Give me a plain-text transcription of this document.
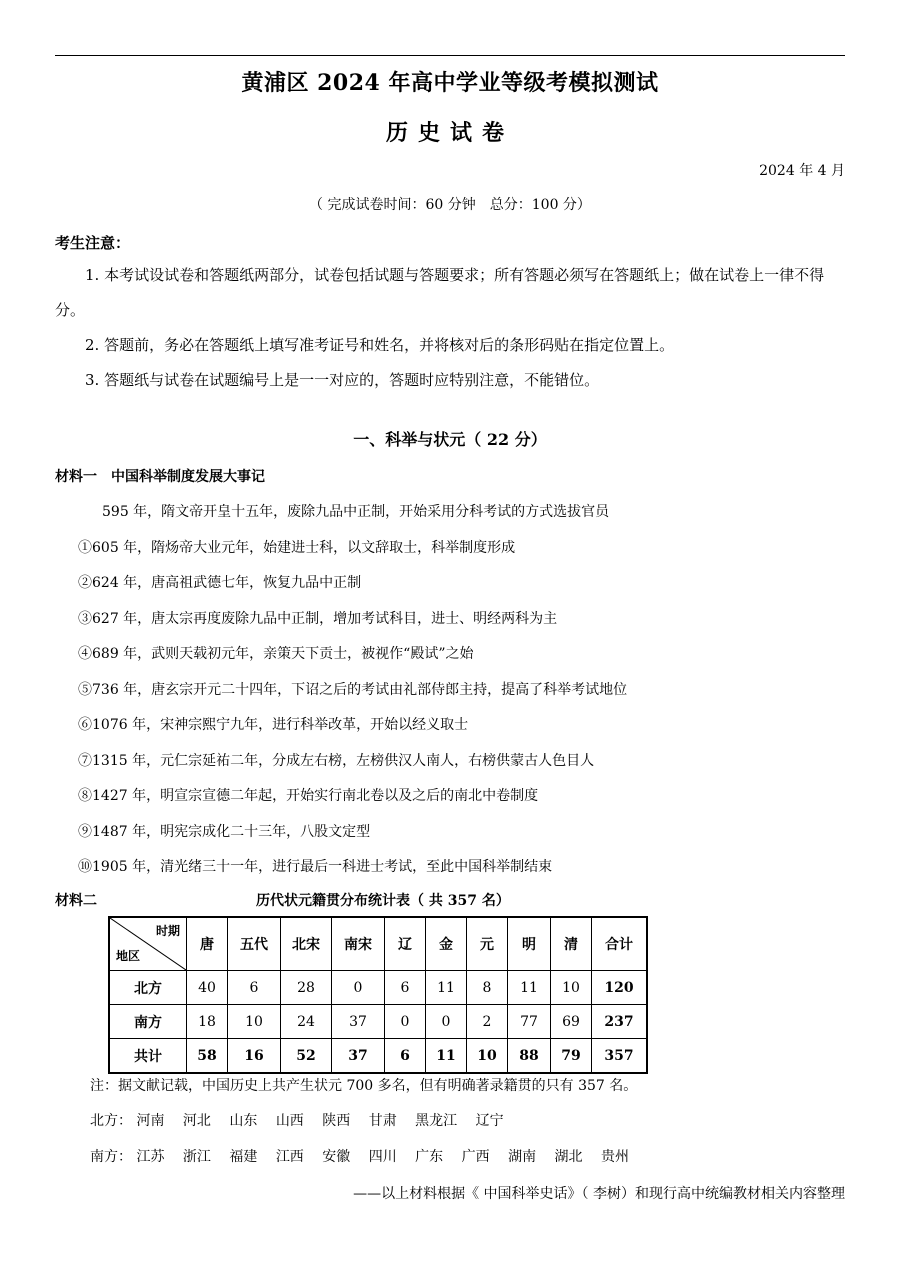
黄浦区 2024 年高中学业等级考模拟测试
历史试卷
2024 年 4 月
（ 完成试卷时间：60 分钟　总分：100 分）
考生注意：

1. 本考试设试卷和答题纸两部分，试卷包括试题与答题要求；所有答题必须写在答题纸上；做在试卷上一律不得分。

2. 答题前，务必在答题纸上填写准考证号和姓名，并将核对后的条形码贴在指定位置上。

3. 答题纸与试卷在试题编号上是一一对应的，答题时应特别注意，不能错位。

一、科举与状元（ 22 分）
材料一　中国科举制度发展大事记
595 年，隋文帝开皇十五年，废除九品中正制，开始采用分科考试的方式选拔官员
①605 年，隋炀帝大业元年，始建进士科，以文辞取士，科举制度形成
②624 年，唐高祖武德七年，恢复九品中正制
③627 年，唐太宗再度废除九品中正制，增加考试科目，进士、明经两科为主
④689 年，武则天载初元年，亲策天下贡士，被视作“殿试”之始
⑤736 年，唐玄宗开元二十四年，下诏之后的考试由礼部侍郎主持，提高了科举考试地位
⑥1076 年，宋神宗熙宁九年，进行科举改革，开始以经义取士
⑦1315 年，元仁宗延祐二年，分成左右榜，左榜供汉人南人，右榜供蒙古人色目人
⑧1427 年，明宣宗宣德二年起，开始实行南北卷以及之后的南北中卷制度
⑨1487 年，明宪宗成化二十三年，八股文定型
⑩1905 年，清光绪三十一年，进行最后一科进士考试，至此中国科举制结束
材料二	历代状元籍贯分布统计表（ 共 357 名）
时期
地区	唐	五代	北宋	南宋	辽	金	元	明	清	合计
北方	40	6	28	0	6	11	8	11	10	120
南方	18	10	24	37	0	0	2	77	69	237
共计	58	16	52	37	6	11	10	88	79	357
注：据文献记载，中国历史上共产生状元 700 多名，但有明确著录籍贯的只有 357 名。
北方： 河南 河北 山东 山西 陕西 甘肃 黑龙江 辽宁
南方： 江苏 浙江 福建 江西 安徽 四川 广东 广西 湖南 湖北 贵州
——以上材料根据《 中国科举史话》（ 李树）和现行高中统编教材相关内容整理
